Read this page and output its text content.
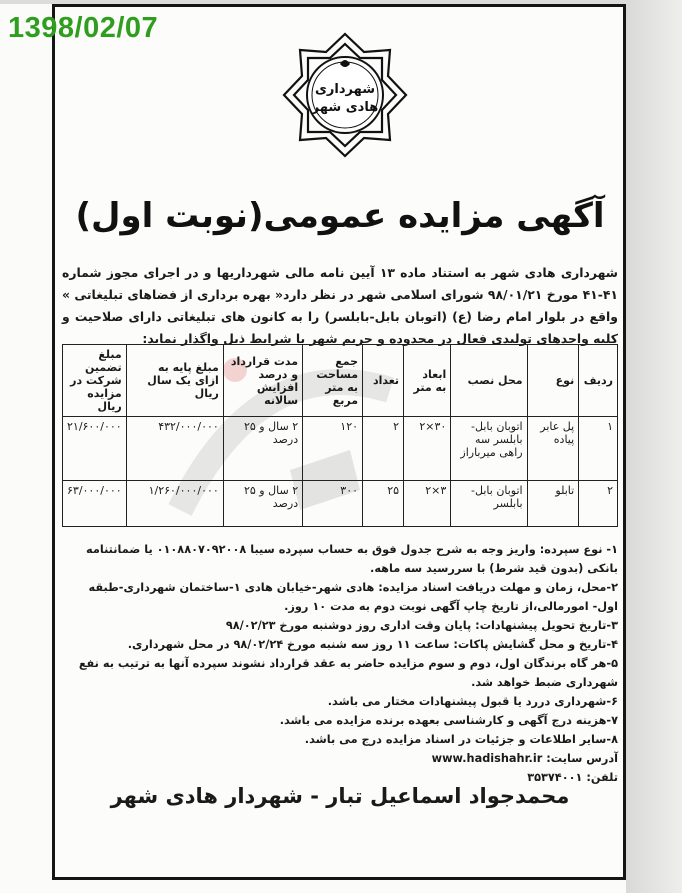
1398/02/07
شهرداری
هادی شهر
آگهی مزایده عمومی(نوبت اول)
شهرداری هادی شهر به استناد ماده ۱۳ آیین نامه مالی شهرداریها و در اجرای مجوز شماره ۴۱-۴۱ مورخ ۹۸/۰۱/۲۱ شورای اسلامی شهر در نظر دارد« بهره برداری از فضاهای تبلیغاتی » واقع در بلوار امام رضا (ع) (اتوبان بابل-بابلسر) را به کانون های تبلیغاتی دارای صلاحیت و کلیه واحدهای تولیدی فعال در محدوده و حریم شهر با شرایط ذیل واگذار نماید:
ردیف	نوع	محل نصب	ابعاد به متر	تعداد	جمع مساحت به متر مربع	مدت قرارداد و درصد افزایش سالانه	مبلغ پایه به ازای یک سال ریال	مبلغ تضمین شرکت در مزایده ریال
۱	پل عابر پیاده	اتوبان بابل- بابلسر سه راهی میرباراز	۳۰×۲	۲	۱۲۰	۲ سال و ۲۵ درصد	۴۳۲/۰۰۰/۰۰۰	۲۱/۶۰۰/۰۰۰
۲	تابلو	اتوبان بابل- بابلسر	۳×۲	۲۵	۳۰۰	۲ سال و ۲۵ درصد	۱/۲۶۰/۰۰۰/۰۰۰	۶۳/۰۰۰/۰۰۰

۱- نوع سپرده: واریز وجه به شرح جدول فوق به حساب سپرده سیبا ۰۱۰۸۸۰۷۰۹۲۰۰۸ یا ضمانتنامه بانکی (بدون قید شرط) با سررسید سه ماهه.

۲-محل، زمان و مهلت دریافت اسناد مزایده: هادی شهر-خیابان هادی ۱-ساختمان شهرداری-طبقه اول- امورمالی،از تاریخ چاپ آگهی نوبت دوم به مدت ۱۰ روز.

۳-تاریخ تحویل پیشنهادات: پایان وقت اداری روز دوشنبه مورخ ۹۸/۰۲/۲۳

۴-تاریخ و محل گشایش پاکات: ساعت ۱۱ روز سه شنبه مورخ ۹۸/۰۲/۲۴ در محل شهرداری.

۵-هر گاه برندگان اول، دوم و سوم مزایده حاضر به عقد قرارداد نشوند سپرده آنها به ترتیب به نفع شهرداری ضبط خواهد شد.

۶-شهرداری دررد یا قبول پیشنهادات مختار می باشد.

۷-هزینه درج آگهی و کارشناسی بعهده برنده مزایده می باشد.

۸-سایر اطلاعات و جزئیات در اسناد مزایده درج می باشد.

آدرس سایت: www.hadishahr.ir

تلفن: ۳۵۳۷۴۰۰۱

محمدجواد اسماعیل تبار - شهردار هادی شهر
